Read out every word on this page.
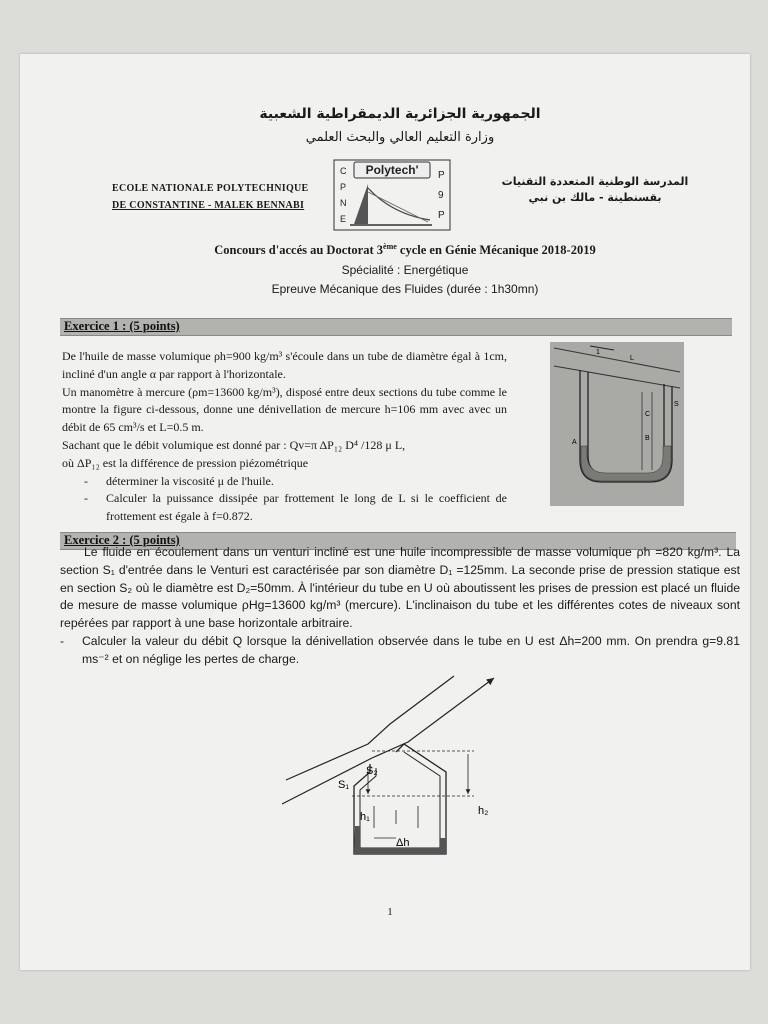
الجمهورية الجزائرية الديمقراطية الشعبية
وزارة التعليم العالي والبحث العلمي
ECOLE NATIONALE POLYTECHNIQUE
DE CONSTANTINE - MALEK BENNABI
Polytech'
C
P
N
E
P
9
P
المدرسة الوطنية المتعددة التقنيات
بقسنطينة - مالك بن نبي
Concours d'accés au Doctorat 3ème cycle en Génie Mécanique 2018-2019
Spécialité : Energétique
Epreuve Mécanique des Fluides (durée : 1h30mn)
Exercice 1 : (5 points)

De l'huile de masse volumique ρh=900 kg/m³ s'écoule dans un tube de diamètre égal à 1cm, incliné d'un angle α par rapport à l'horizontale.

Un manomètre à mercure (ρm=13600 kg/m³), disposé entre deux sections du tube comme le montre la figure ci-dessous, donne une dénivellation de mercure h=106 mm avec avec un débit de 65 cm³/s et L=0.5 m.

Sachant que le débit volumique est donné par : Qv=π ΔP₁₂ D⁴ /128 μ L,

où ΔP₁₂ est la différence de pression piézométrique

- déterminer la viscosité μ de l'huile.
- Calculer la puissance dissipée par frottement le long de L si le coefficient de frottement est égale à f=0.872.
1
L
C
B
A
S
Exercice 2 : (5 points)

Le fluide en écoulement dans un venturi incliné est une huile incompressible de masse volumique ρh =820 kg/m³. La section S₁ d'entrée dans le Venturi est caractérisée par son diamètre D₁ =125mm. La seconde prise de pression statique est en section S₂ où le diamètre est D₂=50mm. À l'intérieur du tube en U où aboutissent les prises de pression est placé un fluide de mesure de masse volumique ρHg=13600 kg/m³ (mercure). L'inclinaison du tube et les différentes cotes de niveaux sont repérées par rapport à une base horizontale arbitraire.

- Calculer la valeur du débit Q lorsque la dénivellation observée dans le tube en U est Δh=200 mm. On prendra g=9.81 ms⁻² et on néglige les pertes de charge.

S₁
S₂
h₁	h₂
Δh
1
